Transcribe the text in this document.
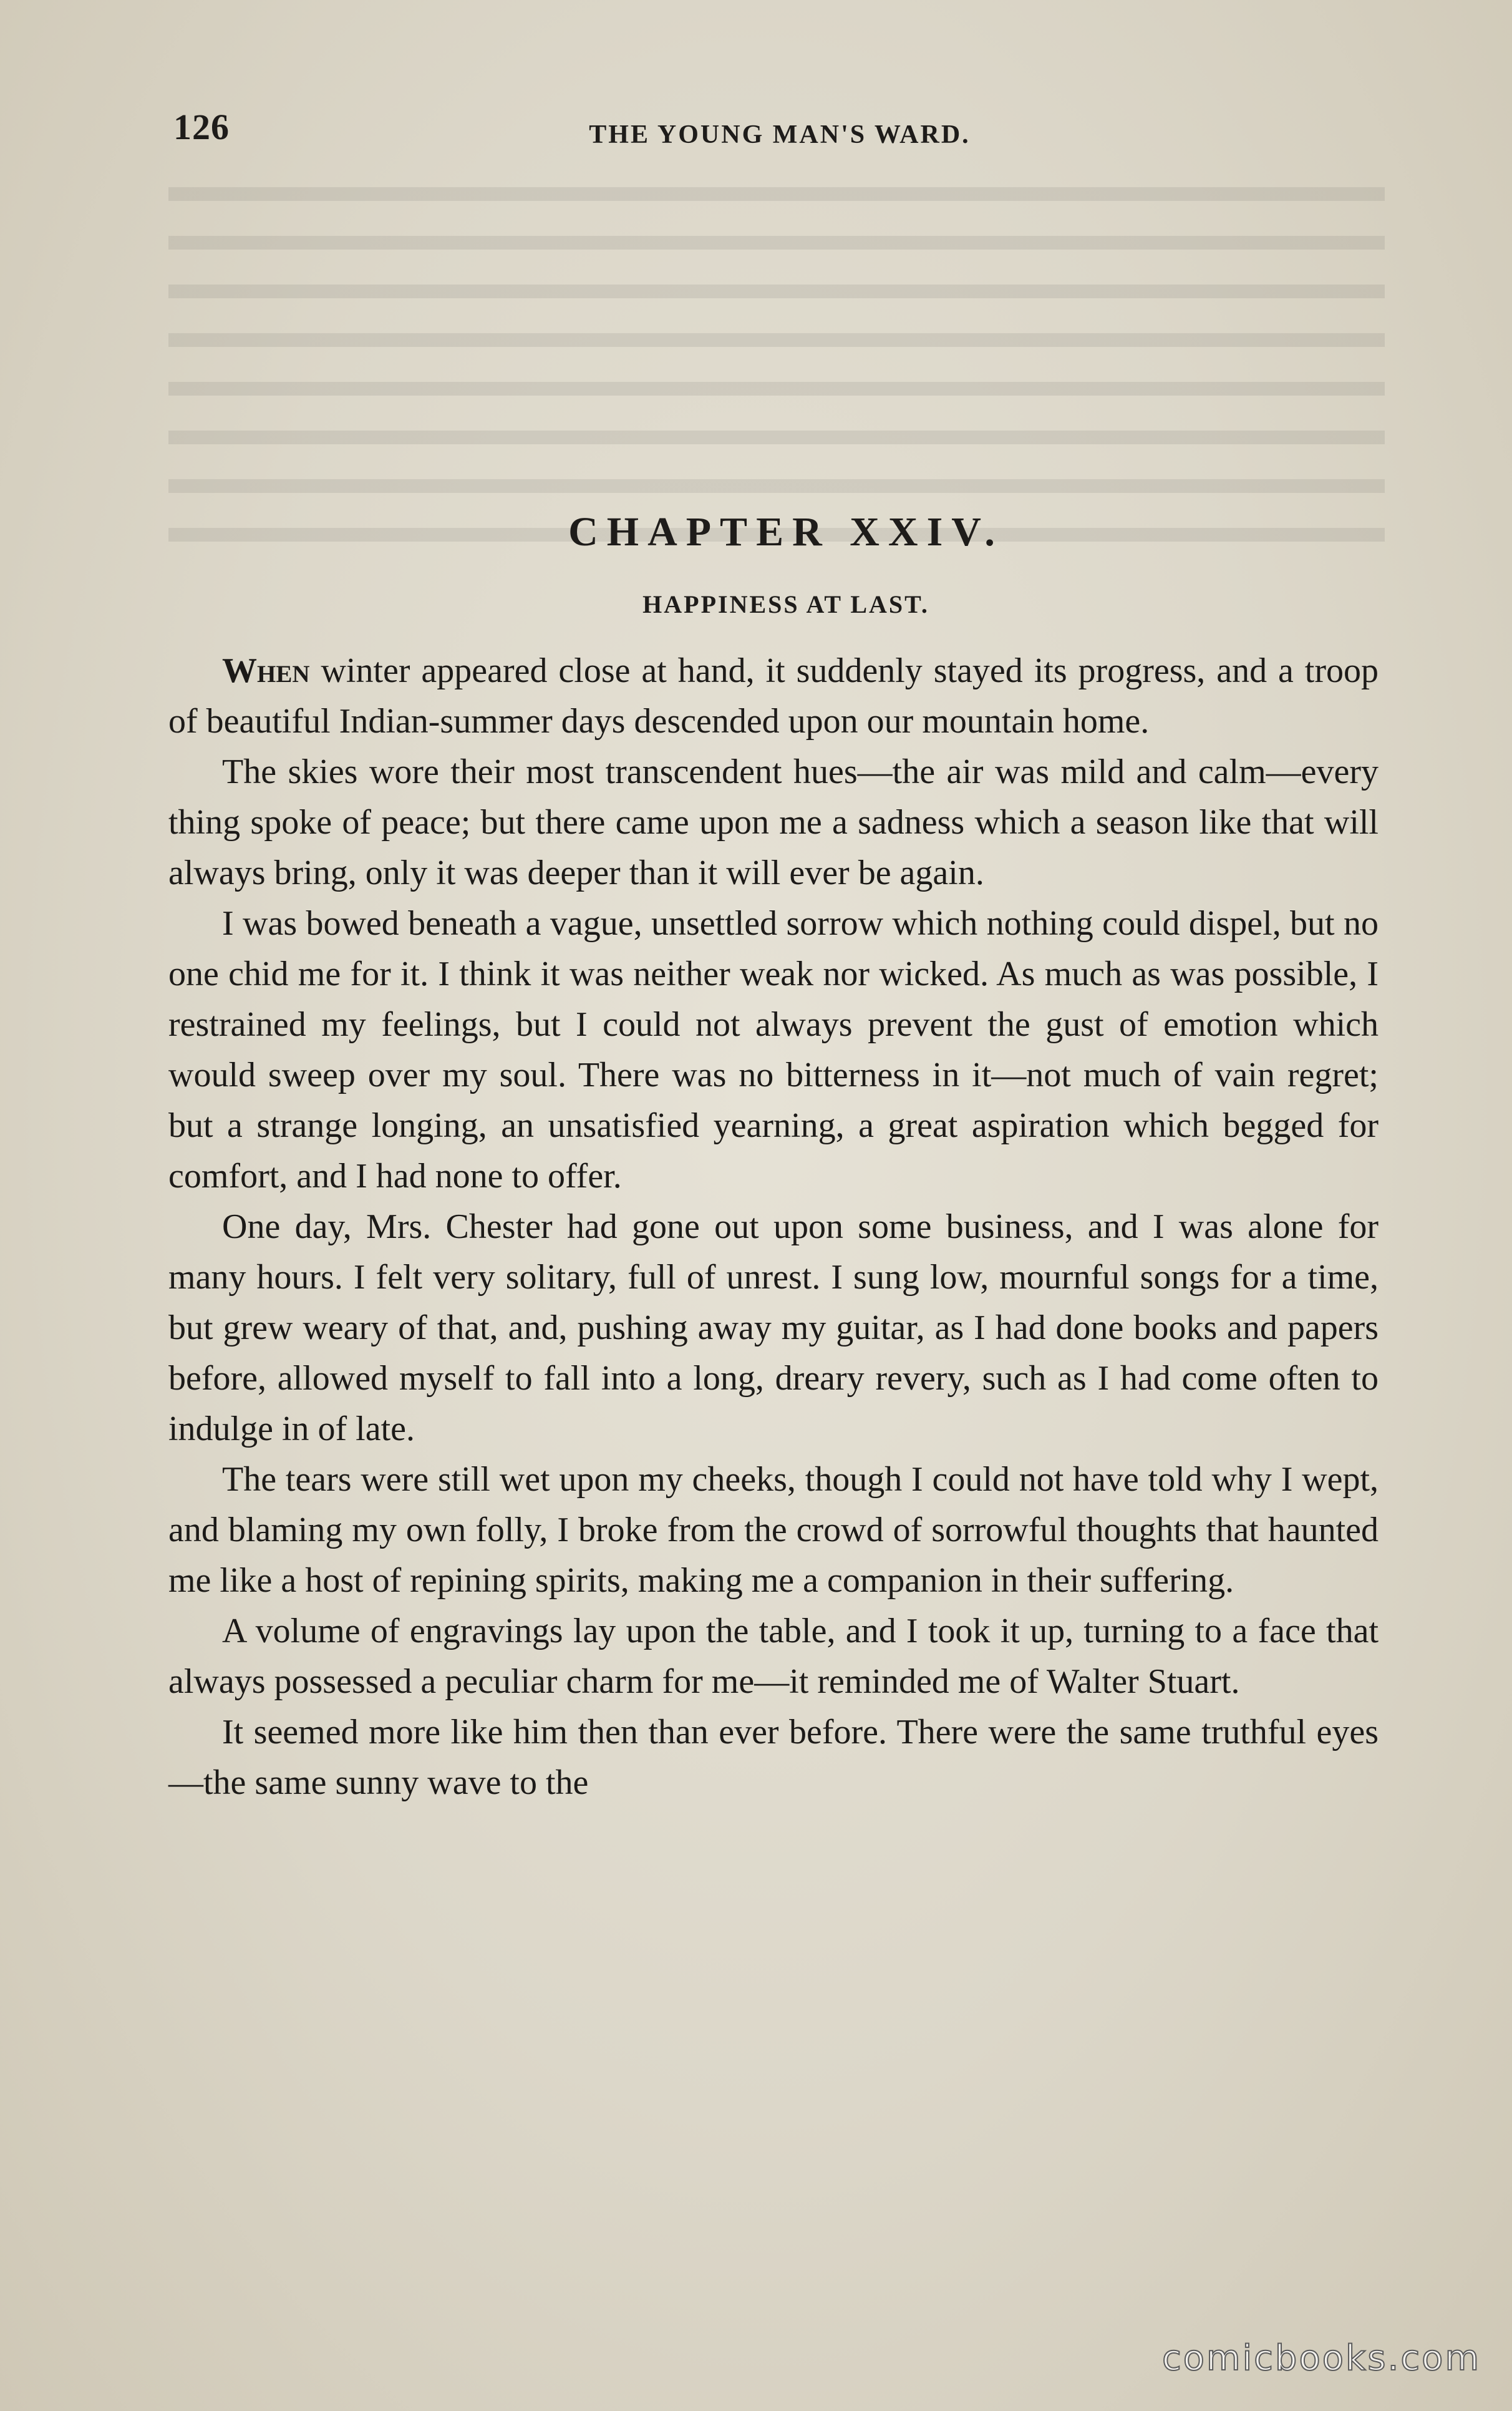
126	THE YOUNG MAN'S WARD.
CHAPTER XXIV.
HAPPINESS AT LAST.

When winter appeared close at hand, it suddenly stayed its progress, and a troop of beautiful Indian-summer days descended upon our mountain home.

The skies wore their most transcendent hues—the air was mild and calm—every thing spoke of peace; but there came upon me a sadness which a season like that will always bring, only it was deeper than it will ever be again.

I was bowed beneath a vague, unsettled sorrow which nothing could dispel, but no one chid me for it. I think it was neither weak nor wicked. As much as was possible, I restrained my feelings, but I could not always prevent the gust of emotion which would sweep over my soul. There was no bitterness in it—not much of vain regret; but a strange longing, an unsatisfied yearning, a great aspiration which begged for comfort, and I had none to offer.

One day, Mrs. Chester had gone out upon some business, and I was alone for many hours. I felt very solitary, full of unrest. I sung low, mournful songs for a time, but grew weary of that, and, pushing away my guitar, as I had done books and papers before, allowed myself to fall into a long, dreary revery, such as I had come often to indulge in of late.

The tears were still wet upon my cheeks, though I could not have told why I wept, and blaming my own folly, I broke from the crowd of sorrowful thoughts that haunted me like a host of repining spirits, making me a companion in their suffering.

A volume of engravings lay upon the table, and I took it up, turning to a face that always possessed a peculiar charm for me—it reminded me of Walter Stuart.

It seemed more like him then than ever before. There were the same truthful eyes—the same sunny wave to the

comicbooks.com
